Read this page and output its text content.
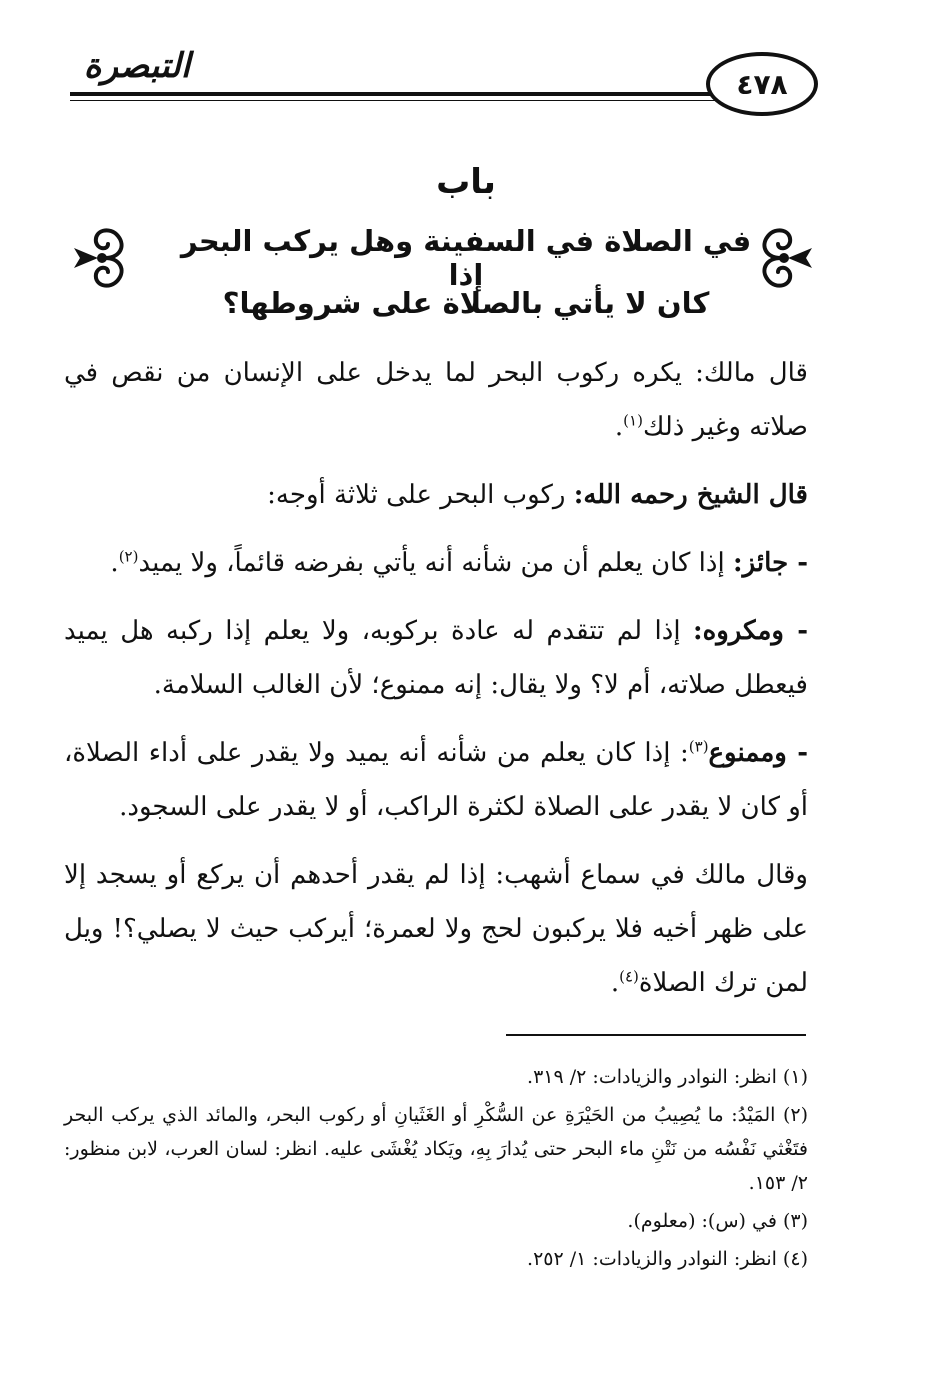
٤٧٨
التبصرة
باب
في الصلاة في السفينة وهل يركب البحر إذا
كان لا يأتي بالصلاة على شروطها؟

قال مالك: يكره ركوب البحر لما يدخل على الإنسان من نقص في صلاته وغير ذلك$^{(١)}$.

قال الشيخ رحمه الله: ركوب البحر على ثلاثة أوجه:

- جائز: إذا كان يعلم أن من شأنه أنه يأتي بفرضه قائماً، ولا يميد$^{(٢)}$.

- ومكروه: إذا لم تتقدم له عادة بركوبه، ولا يعلم إذا ركبه هل يميد فيعطل صلاته، أم لا؟ ولا يقال: إنه ممنوع؛ لأن الغالب السلامة.

- وممنوع$^{(٣)}$: إذا كان يعلم من شأنه أنه يميد ولا يقدر على أداء الصلاة، أو كان لا يقدر على الصلاة لكثرة الراكب، أو لا يقدر على السجود.

وقال مالك في سماع أشهب: إذا لم يقدر أحدهم أن يركع أو يسجد إلا على ظهر أخيه فلا يركبون لحج ولا لعمرة؛ أيركب حيث لا يصلي؟! ويل لمن ترك الصلاة$^{(٤)}$.

(١) انظر: النوادر والزيادات: ٢/ ٣١٩.

(٢) المَيْدُ: ما يُصِيبُ من الحَيْرَةِ عن السُّكْرِ أو الغَثَيانِ أو ركوب البحر، والمائد الذي يركب البحر فتَغْثي نَفْسُه من نَتْنِ ماء البحر حتى يُدارَ بِهِ، ويَكاد يُغْشَى عليه. انظر: لسان العرب، لابن منظور: ٢/ ١٥٣.

(٣) في (س): (معلوم).

(٤) انظر: النوادر والزيادات: ١/ ٢٥٢.
